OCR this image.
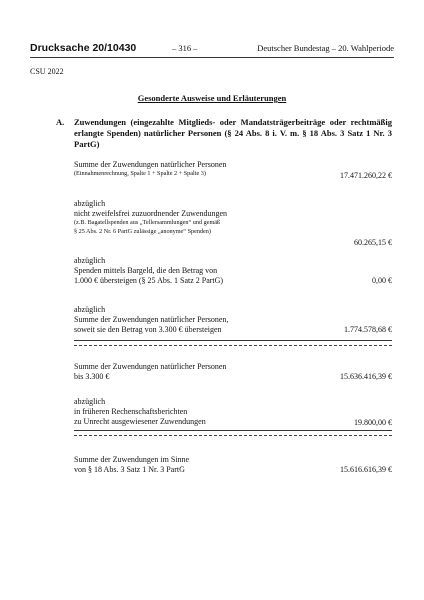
Drucksache 20/10430	– 316 –	Deutscher Bundestag – 20. Wahlperiode
CSU 2022
Gesonderte Ausweise und Erläuterungen
A. Zuwendungen (eingezahlte Mitglieds- oder Mandatsträgerbeiträge oder rechtmäßig erlangte Spenden) natürlicher Personen (§ 24 Abs. 8 i. V. m. § 18 Abs. 3 Satz 1 Nr. 3 PartG)
Summe der Zuwendungen natürlicher Personen
(Einnahmenrechnung, Spalte 1 + Spalte 2 + Spalte 3)	17.471.260,22 €
abzüglich
nicht zweifelsfrei zuzuordnender Zuwendungen
(z.B. Bagatellspenden aus „Tellersammlungen“ und gemäß
§ 25 Abs. 2 Nr. 6 PartG zulässige „anonyme“ Spenden)
60.265,15 €
abzüglich
Spenden mittels Bargeld, die den Betrag von
1.000 € übersteigen (§ 25 Abs. 1 Satz 2 PartG)	0,00 €
abzüglich
Summe der Zuwendungen natürlicher Personen,
soweit sie den Betrag von 3.300 € übersteigen	1.774.578,68 €
Summe der Zuwendungen natürlicher Personen
bis 3.300 €	15.636.416,39 €
abzüglich
in früheren Rechenschaftsberichten
zu Unrecht ausgewiesener Zuwendungen	19.800,00 €
Summe der Zuwendungen im Sinne
von § 18 Abs. 3 Satz 1 Nr. 3 PartG	15.616.616,39 €
